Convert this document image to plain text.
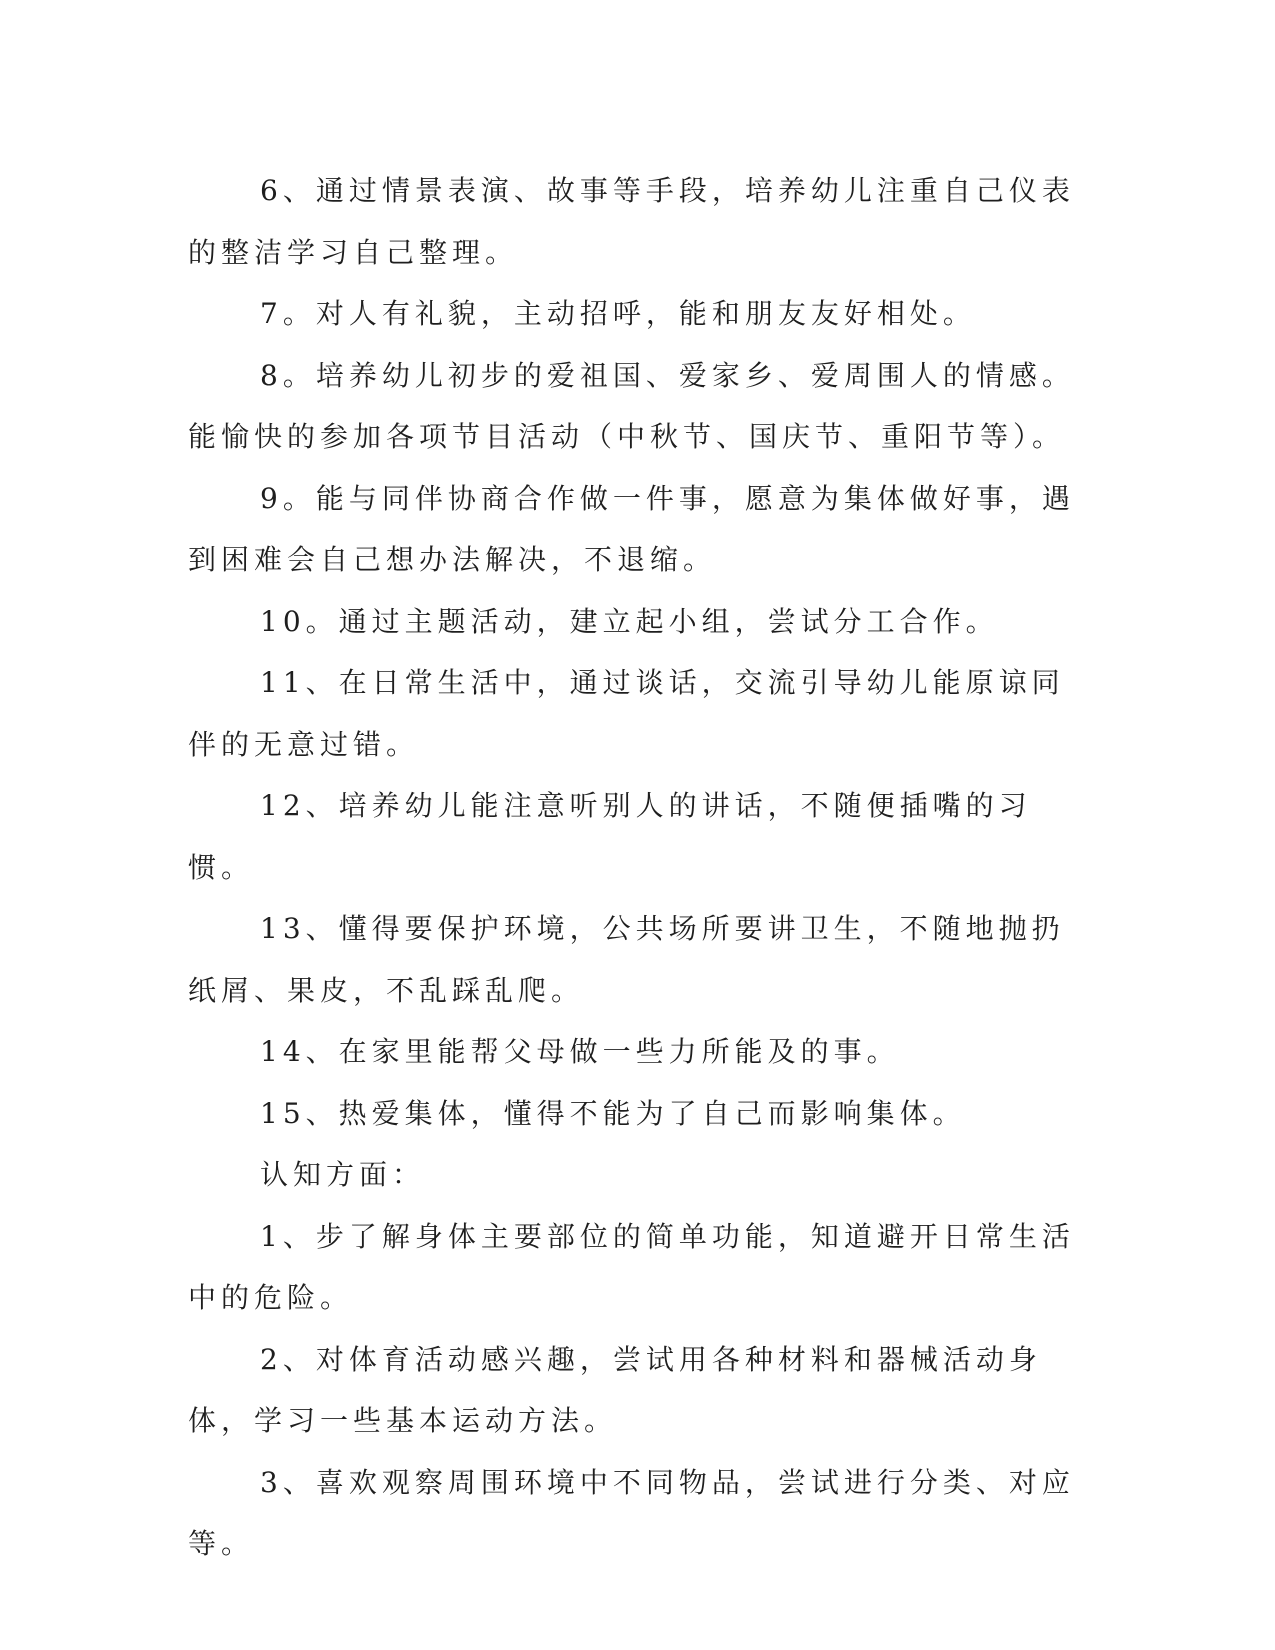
6、通过情景表演、故事等手段，培养幼儿注重自己仪表的整洁学习自己整理。

7。对人有礼貌，主动招呼，能和朋友友好相处。

8。培养幼儿初步的爱祖国、爱家乡、爱周围人的情感。能愉快的参加各项节目活动（中秋节、国庆节、重阳节等）。

9。能与同伴协商合作做一件事，愿意为集体做好事，遇到困难会自己想办法解决，不退缩。

10。通过主题活动，建立起小组，尝试分工合作。

11、在日常生活中，通过谈话，交流引导幼儿能原谅同伴的无意过错。

12、培养幼儿能注意听别人的讲话，不随便插嘴的习惯。

13、懂得要保护环境，公共场所要讲卫生，不随地抛扔纸屑、果皮，不乱踩乱爬。

14、在家里能帮父母做一些力所能及的事。

15、热爱集体，懂得不能为了自己而影响集体。

认知方面：

1、步了解身体主要部位的简单功能，知道避开日常生活中的危险。

2、对体育活动感兴趣，尝试用各种材料和器械活动身体，学习一些基本运动方法。

3、喜欢观察周围环境中不同物品，尝试进行分类、对应等。
